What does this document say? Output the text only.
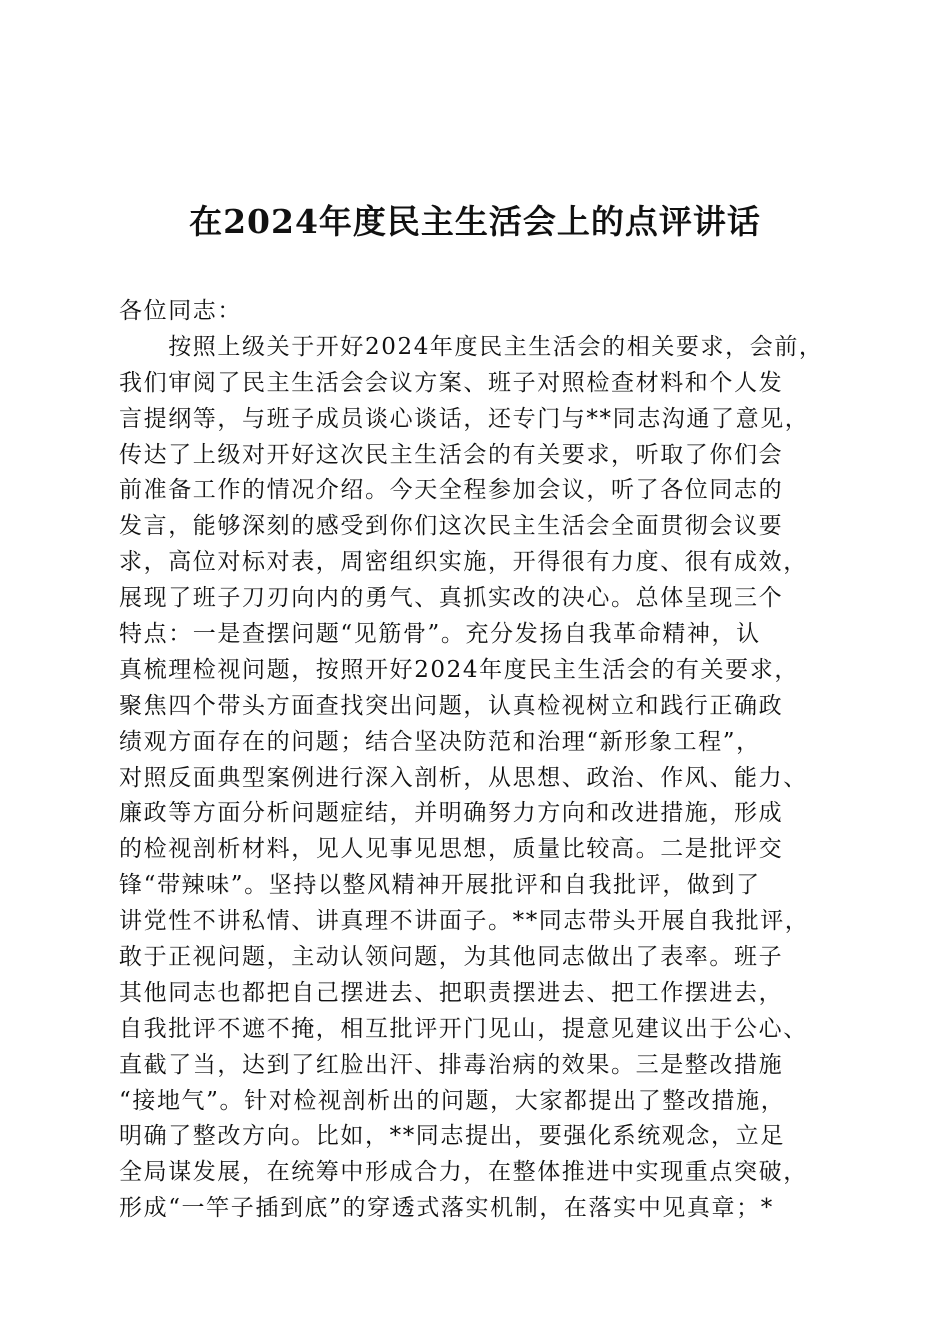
在2024年度民主生活会上的点评讲话
各位同志：
　　按照上级关于开好2024年度民主生活会的相关要求，会前，
我们审阅了民主生活会会议方案、班子对照检查材料和个人发
言提纲等，与班子成员谈心谈话，还专门与**同志沟通了意见，
传达了上级对开好这次民主生活会的有关要求，听取了你们会
前准备工作的情况介绍。今天全程参加会议，听了各位同志的
发言，能够深刻的感受到你们这次民主生活会全面贯彻会议要
求，高位对标对表，周密组织实施，开得很有力度、很有成效，
展现了班子刀刃向内的勇气、真抓实改的决心。总体呈现三个
特点：一是查摆问题“见筋骨”。充分发扬自我革命精神，认
真梳理检视问题，按照开好2024年度民主生活会的有关要求，
聚焦四个带头方面查找突出问题，认真检视树立和践行正确政
绩观方面存在的问题；结合坚决防范和治理“新形象工程”，
对照反面典型案例进行深入剖析，从思想、政治、作风、能力、
廉政等方面分析问题症结，并明确努力方向和改进措施，形成
的检视剖析材料，见人见事见思想，质量比较高。二是批评交
锋“带辣味”。坚持以整风精神开展批评和自我批评，做到了
讲党性不讲私情、讲真理不讲面子。**同志带头开展自我批评，
敢于正视问题，主动认领问题，为其他同志做出了表率。班子
其他同志也都把自己摆进去、把职责摆进去、把工作摆进去，
自我批评不遮不掩，相互批评开门见山，提意见建议出于公心、
直截了当，达到了红脸出汗、排毒治病的效果。三是整改措施
“接地气”。针对检视剖析出的问题，大家都提出了整改措施，
明确了整改方向。比如，**同志提出，要强化系统观念，立足
全局谋发展，在统筹中形成合力，在整体推进中实现重点突破，
形成“一竿子插到底”的穿透式落实机制，在落实中见真章；*
